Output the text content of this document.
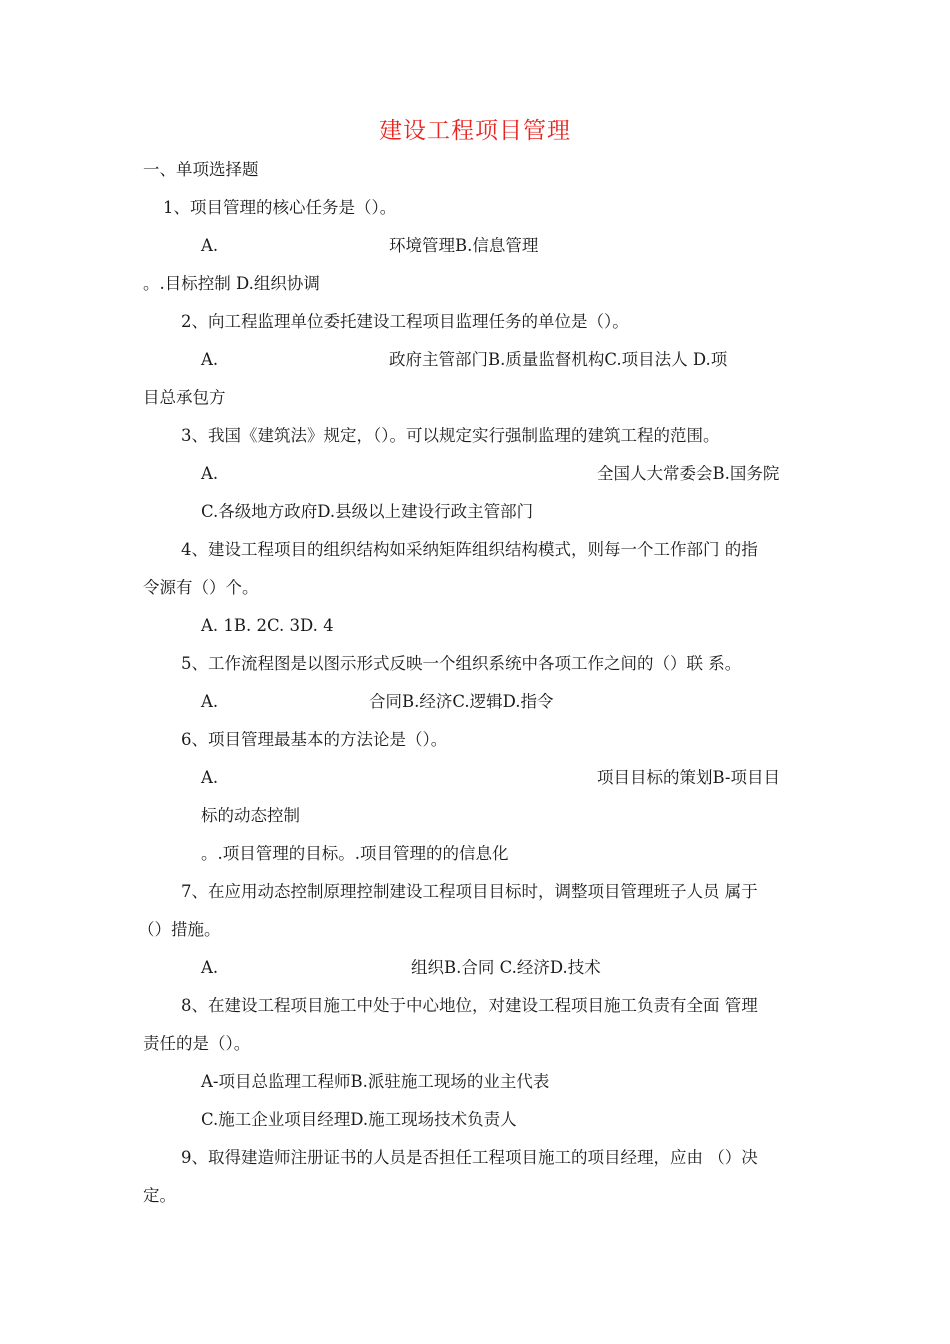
建设工程项目管理
一、单项选择题
1、项目管理的核心任务是（）。
A.	环境管理B.信息管理
。.目标控制 D.组织协调
2、向工程监理单位委托建设工程项目监理任务的单位是（）。
A.	政府主管部门B.质量监督机构C.项目法人 D.项
目总承包方
3、我国《建筑法》规定，（）。可以规定实行强制监理的建筑工程的范围。
A.	全国人大常委会B.国务院
C.各级地方政府D.县级以上建设行政主管部门
4、建设工程项目的组织结构如采纳矩阵组织结构模式，则每一个工作部门 的指
令源有（）个。
A. 1B. 2C. 3D. 4
5、工作流程图是以图示形式反映一个组织系统中各项工作之间的（）联 系。
A.	合同B.经济C.逻辑D.指令
6、项目管理最基本的方法论是（）。
A.	项目目标的策划B-项目目
标的动态控制
。.项目管理的目标。.项目管理的的信息化
7、在应用动态控制原理控制建设工程项目目标时，调整项目管理班子人员 属于
（）措施。
A.	组织B.合同 C.经济D.技术
8、在建设工程项目施工中处于中心地位，对建设工程项目施工负责有全面 管理
责任的是（）。
A-项目总监理工程师B.派驻施工现场的业主代表
C.施工企业项目经理D.施工现场技术负责人
9、取得建造师注册证书的人员是否担任工程项目施工的项目经理，应由 （）决
定。
